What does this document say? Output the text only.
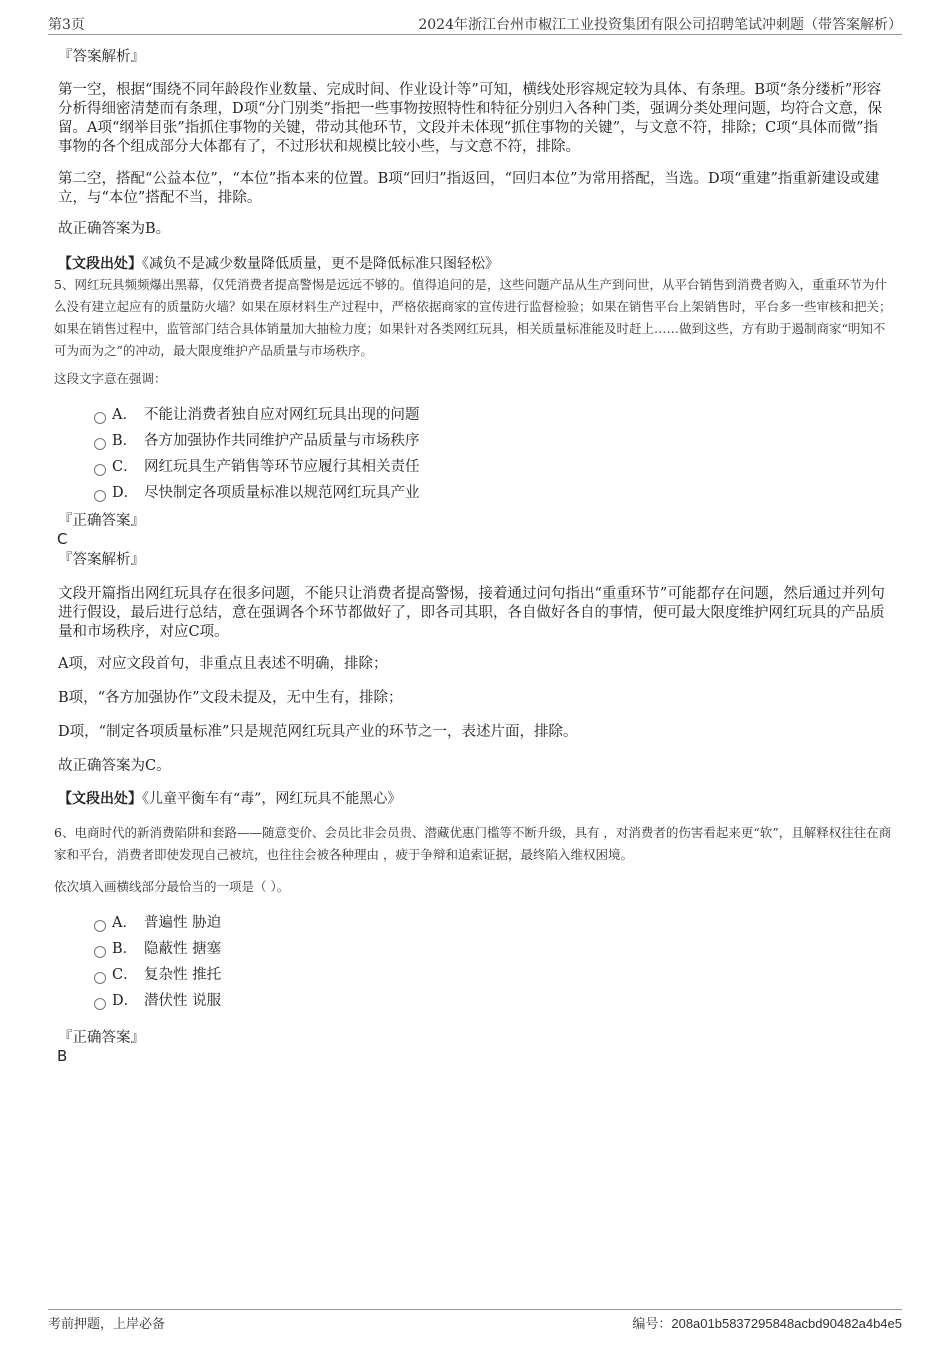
第3页	2024年浙江台州市椒江工业投资集团有限公司招聘笔试冲刺题（带答案解析）
『答案解析』
第一空，根据“围绕不同年龄段作业数量、完成时间、作业设计等”可知，横线处形容规定较为具体、有条理。B项“条分缕析”形容分析得细密清楚而有条理，D项“分门别类”指把一些事物按照特性和特征分别归入各种门类，强调分类处理问题，均符合文意，保留。A项“纲举目张”指抓住事物的关键，带动其他环节，文段并未体现“抓住事物的关键”，与文意不符，排除；C项“具体而微”指事物的各个组成部分大体都有了，不过形状和规模比较小些，与文意不符，排除。
第二空，搭配“公益本位”，“本位”指本来的位置。B项“回归”指返回，“回归本位”为常用搭配，当选。D项“重建”指重新建设或建立，与“本位”搭配不当，排除。
故正确答案为B。
【文段出处】《减负不是减少数量降低质量，更不是降低标准只图轻松》
5、网红玩具频频爆出黑幕，仅凭消费者提高警惕是远远不够的。值得追问的是，这些问题产品从生产到问世，从平台销售到消费者购入，重重环节为什么没有建立起应有的质量防火墙？如果在原材料生产过程中，严格依据商家的宣传进行监督检验；如果在销售平台上架销售时，平台多一些审核和把关；如果在销售过程中，监管部门结合具体销量加大抽检力度；如果针对各类网红玩具，相关质量标准能及时赶上……做到这些，方有助于遏制商家“明知不可为而为之”的冲动，最大限度维护产品质量与市场秩序。
这段文字意在强调：
A． 不能让消费者独自应对网红玩具出现的问题
B． 各方加强协作共同维护产品质量与市场秩序
C． 网红玩具生产销售等环节应履行其相关责任
D． 尽快制定各项质量标准以规范网红玩具产业
『正确答案』
C
『答案解析』
文段开篇指出网红玩具存在很多问题，不能只让消费者提高警惕，接着通过问句指出“重重环节”可能都存在问题，然后通过并列句进行假设，最后进行总结，意在强调各个环节都做好了，即各司其职，各自做好各自的事情，便可最大限度维护网红玩具的产品质量和市场秩序，对应C项。
A项，对应文段首句，非重点且表述不明确，排除；
B项，“各方加强协作”文段未提及，无中生有，排除；
D项，“制定各项质量标准”只是规范网红玩具产业的环节之一，表述片面，排除。
故正确答案为C。
【文段出处】《儿童平衡车有“毒”，网红玩具不能黑心》
6、电商时代的新消费陷阱和套路——随意变价、会员比非会员贵、潜藏优惠门槛等不断升级，具有 ，对消费者的伤害看起来更“软”，且解释权往往在商家和平台，消费者即使发现自己被坑，也往往会被各种理由 ，疲于争辩和追索证据，最终陷入维权困境。
依次填入画横线部分最恰当的一项是（ ）。
A． 普遍性 胁迫
B． 隐蔽性 搪塞
C． 复杂性 推托
D． 潜伏性 说服
『正确答案』
B
考前押题，上岸必备	编号：208a01b5837295848acbd90482a4b4e5
